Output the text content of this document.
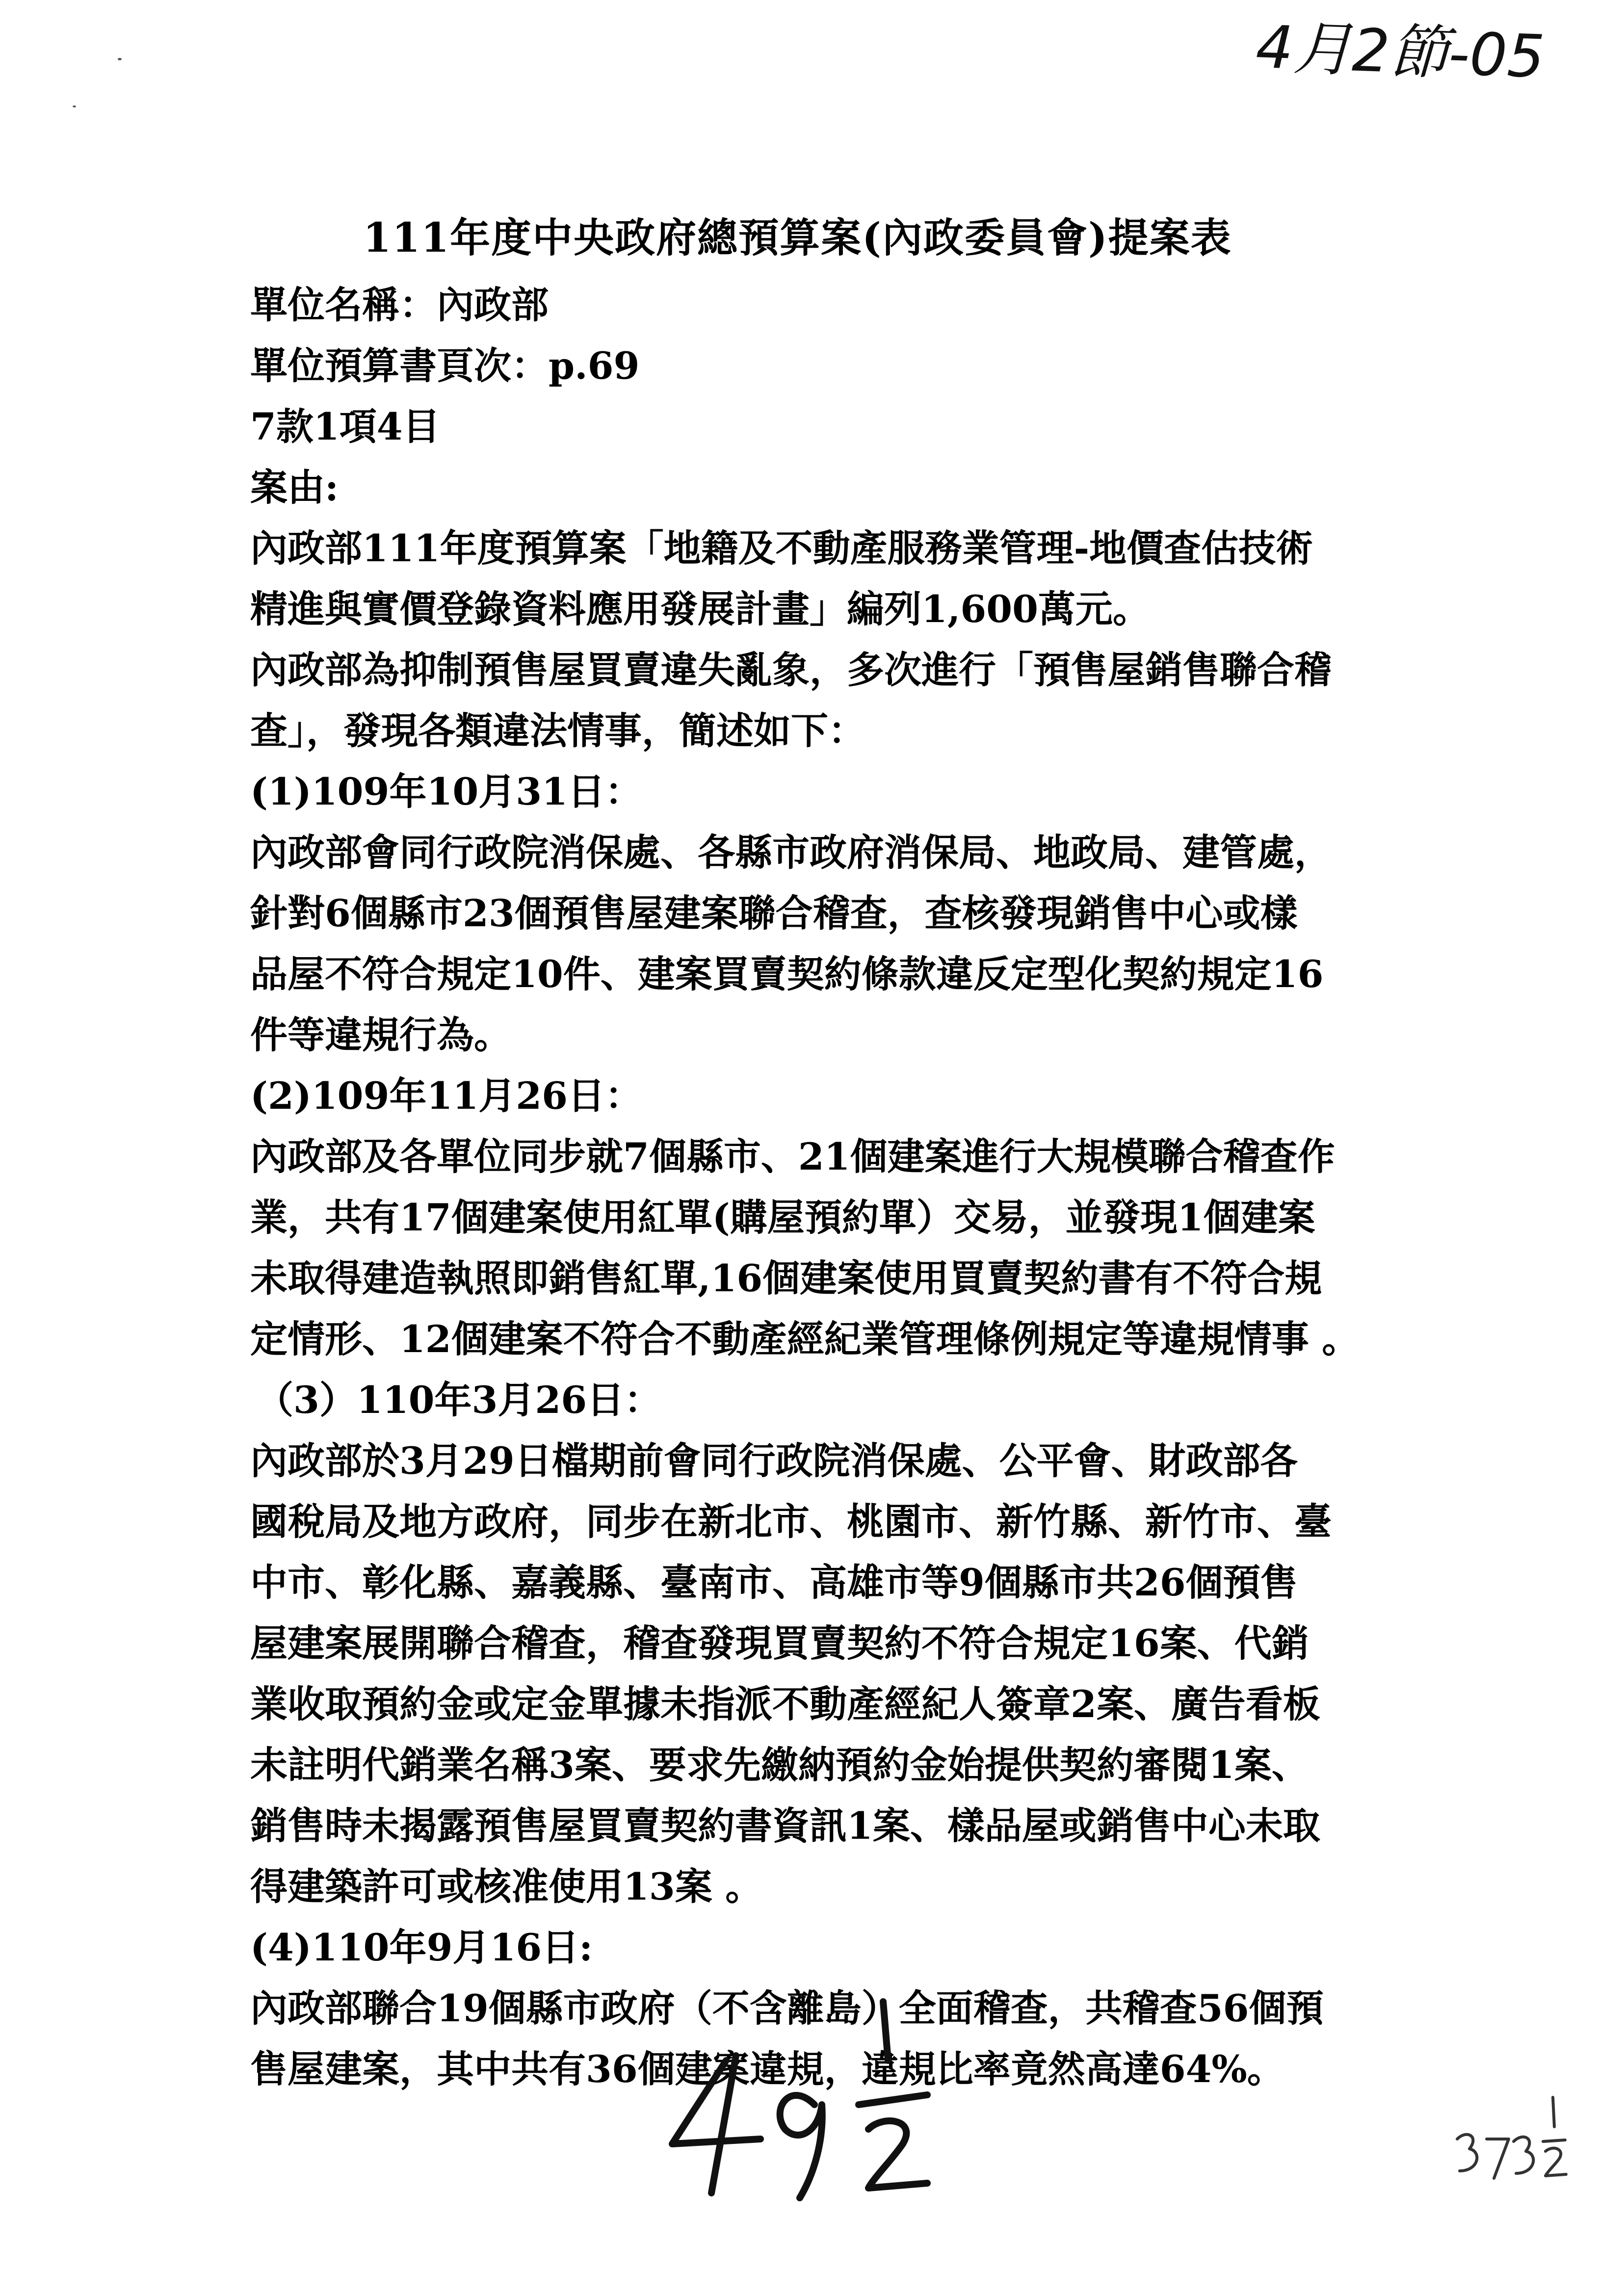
4月2節-05
111年度中央政府總預算案(內政委員會)提案表
單位名稱：內政部
單位預算書頁次：p.69
7款1項4目
案由:
內政部111年度預算案「地籍及不動產服務業管理-地價查估技術
精進與實價登錄資料應用發展計畫」編列1,600萬元。
內政部為抑制預售屋買賣違失亂象，多次進行「預售屋銷售聯合稽
查」，發現各類違法情事，簡述如下：
(1)109年10月31日：
內政部會同行政院消保處、各縣市政府消保局、地政局、建管處，
針對6個縣市23個預售屋建案聯合稽查，查核發現銷售中心或樣
品屋不符合規定10件、建案買賣契約條款違反定型化契約規定16
件等違規行為。
(2)109年11月26日：
內政部及各單位同步就7個縣市、21個建案進行大規模聯合稽查作
業，共有17個建案使用紅單(購屋預約單）交易，並發現1個建案
未取得建造執照即銷售紅單,16個建案使用買賣契約書有不符合規
定情形、12個建案不符合不動產經紀業管理條例規定等違規情事 。
（3）110年3月26日：
內政部於3月29日檔期前會同行政院消保處、公平會、財政部各
國稅局及地方政府，同步在新北市、桃園市、新竹縣、新竹市、臺
中市、彰化縣、嘉義縣、臺南市、高雄市等9個縣市共26個預售
屋建案展開聯合稽查，稽查發現買賣契約不符合規定16案、代銷
業收取預約金或定金單據未指派不動產經紀人簽章2案、廣告看板
未註明代銷業名稱3案、要求先繳納預約金始提供契約審閱1案、
銷售時未揭露預售屋買賣契約書資訊1案、樣品屋或銷售中心未取
得建築許可或核准使用13案 。
(4)110年9月16日:
內政部聯合19個縣市政府（不含離島）全面稽查，共稽查56個預
售屋建案，其中共有36個建案違規，違規比率竟然高達64%。
